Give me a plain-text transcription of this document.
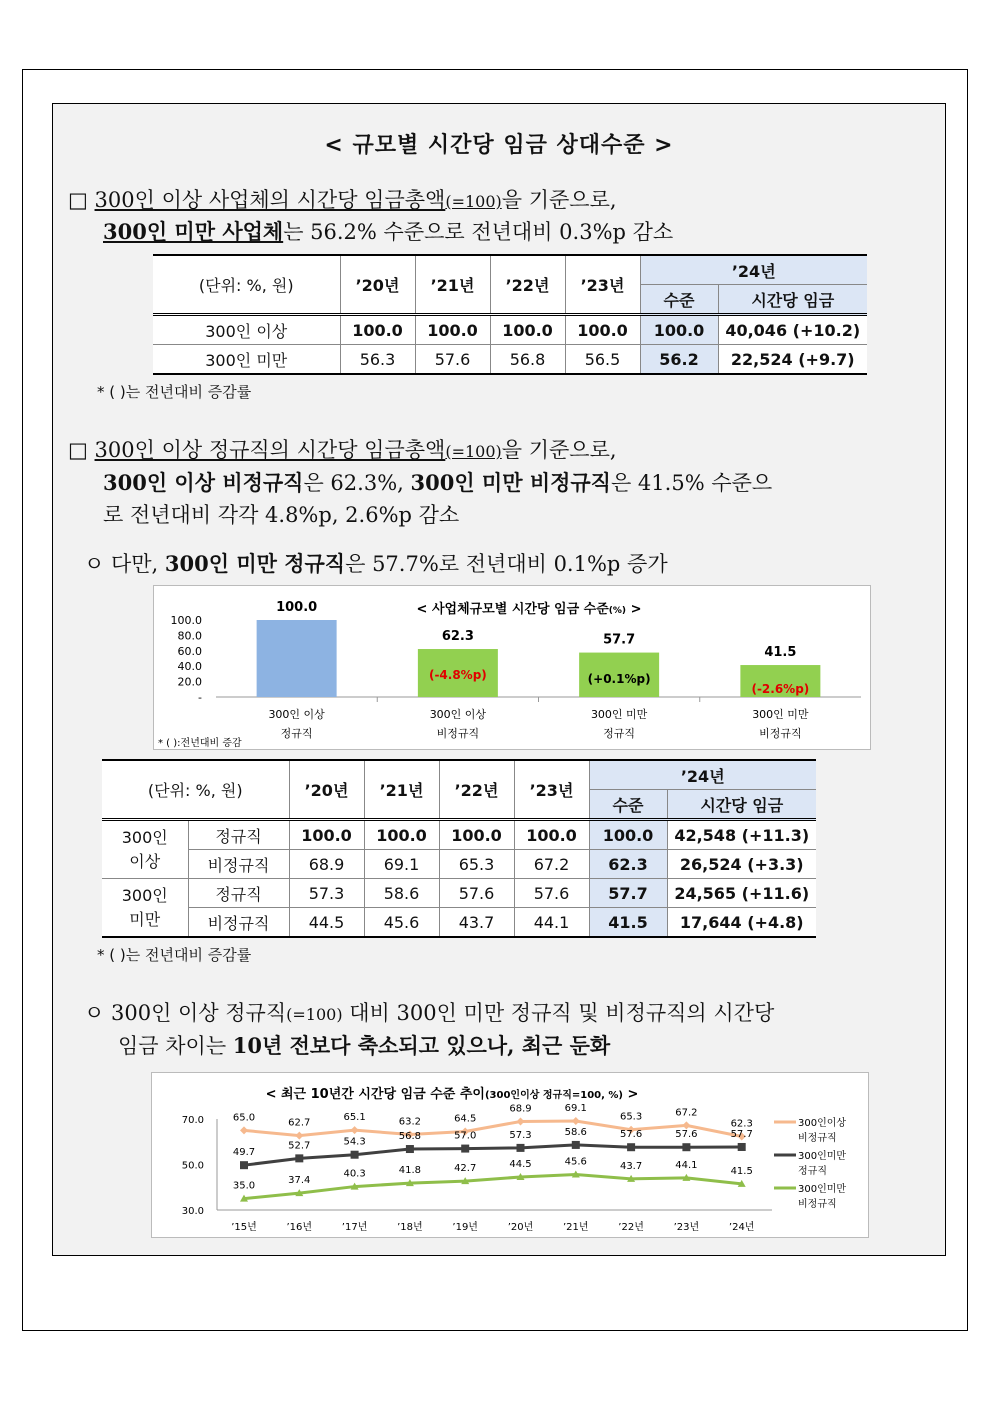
< 규모별 시간당 임금 상대수준 >
□ 300인 이상 사업체의 시간당 임금총액(=100)을 기준으로,
300인 미만 사업체는 56.2% 수준으로 전년대비 0.3%p 감소
(단위: %, 원)	’20년	’21년	’22년	’23년	’24년	
					수준	시간당 임금
300인 이상	100.0	100.0	100.0	100.0	100.0	40,046 (+10.2)
300인 미만	56.3	57.6	56.8	56.5	56.2	22,524 (+9.7)
* ( )는 전년대비 증감률
□ 300인 이상 정규직의 시간당 임금총액(=100)을 기준으로,
300인 이상 비정규직은 62.3%, 300인 미만 비정규직은 41.5% 수준으
로 전년대비 각각 4.8%p, 2.6%p 감소
ㅇ 다만, 300인 미만 정규직은 57.7%로 전년대비 0.1%p 증가
< 사업체규모별 시간당 임금 수준(%) >
100.0
80.0
60.0
40.0
20.0
-
100.0
300인 이상
정규직
62.3
(-4.8%p)
300인 이상
비정규직
57.7
(+0.1%p)
300인 미만
정규직
41.5
(-2.6%p)
300인 미만
비정규직
* ( ):전년대비 증감
(단위: %, 원)		’20년	’21년	’22년	’23년	’24년	
						수준	시간당 임금
300인
이상	정규직	100.0	100.0	100.0	100.0	100.0	42,548 (+11.3)
	비정규직	68.9	69.1	65.3	67.2	62.3	26,524 (+3.3)
300인
미만	정규직	57.3	58.6	57.6	57.6	57.7	24,565 (+11.6)
	비정규직	44.5	45.6	43.7	44.1	41.5	17,644 (+4.8)
* ( )는 전년대비 증감률
ㅇ 300인 이상 정규직(=100) 대비 300인 미만 정규직 및 비정규직의 시간당
임금 차이는 10년 전보다 축소되고 있으나, 최근 둔화
< 최근 10년간 시간당 임금 수준 추이(300인이상 정규직=100, %) >
70.0
50.0
30.0
’15년	’16년	’17년	’18년	’19년	’20년	’21년	’22년	’23년	’24년
65.0	62.7	65.1	63.2	64.5
68.9	69.1
65.3	67.2
62.3	300인이상
비정규직
49.7
52.7	54.3
56.8	57.0	57.3	58.6	57.6	57.6	57.7
300인미만
정규직
35.0	37.4
40.3	41.8	42.7	44.5	45.6	43.7	44.1
41.5
300인미만
비정규직
